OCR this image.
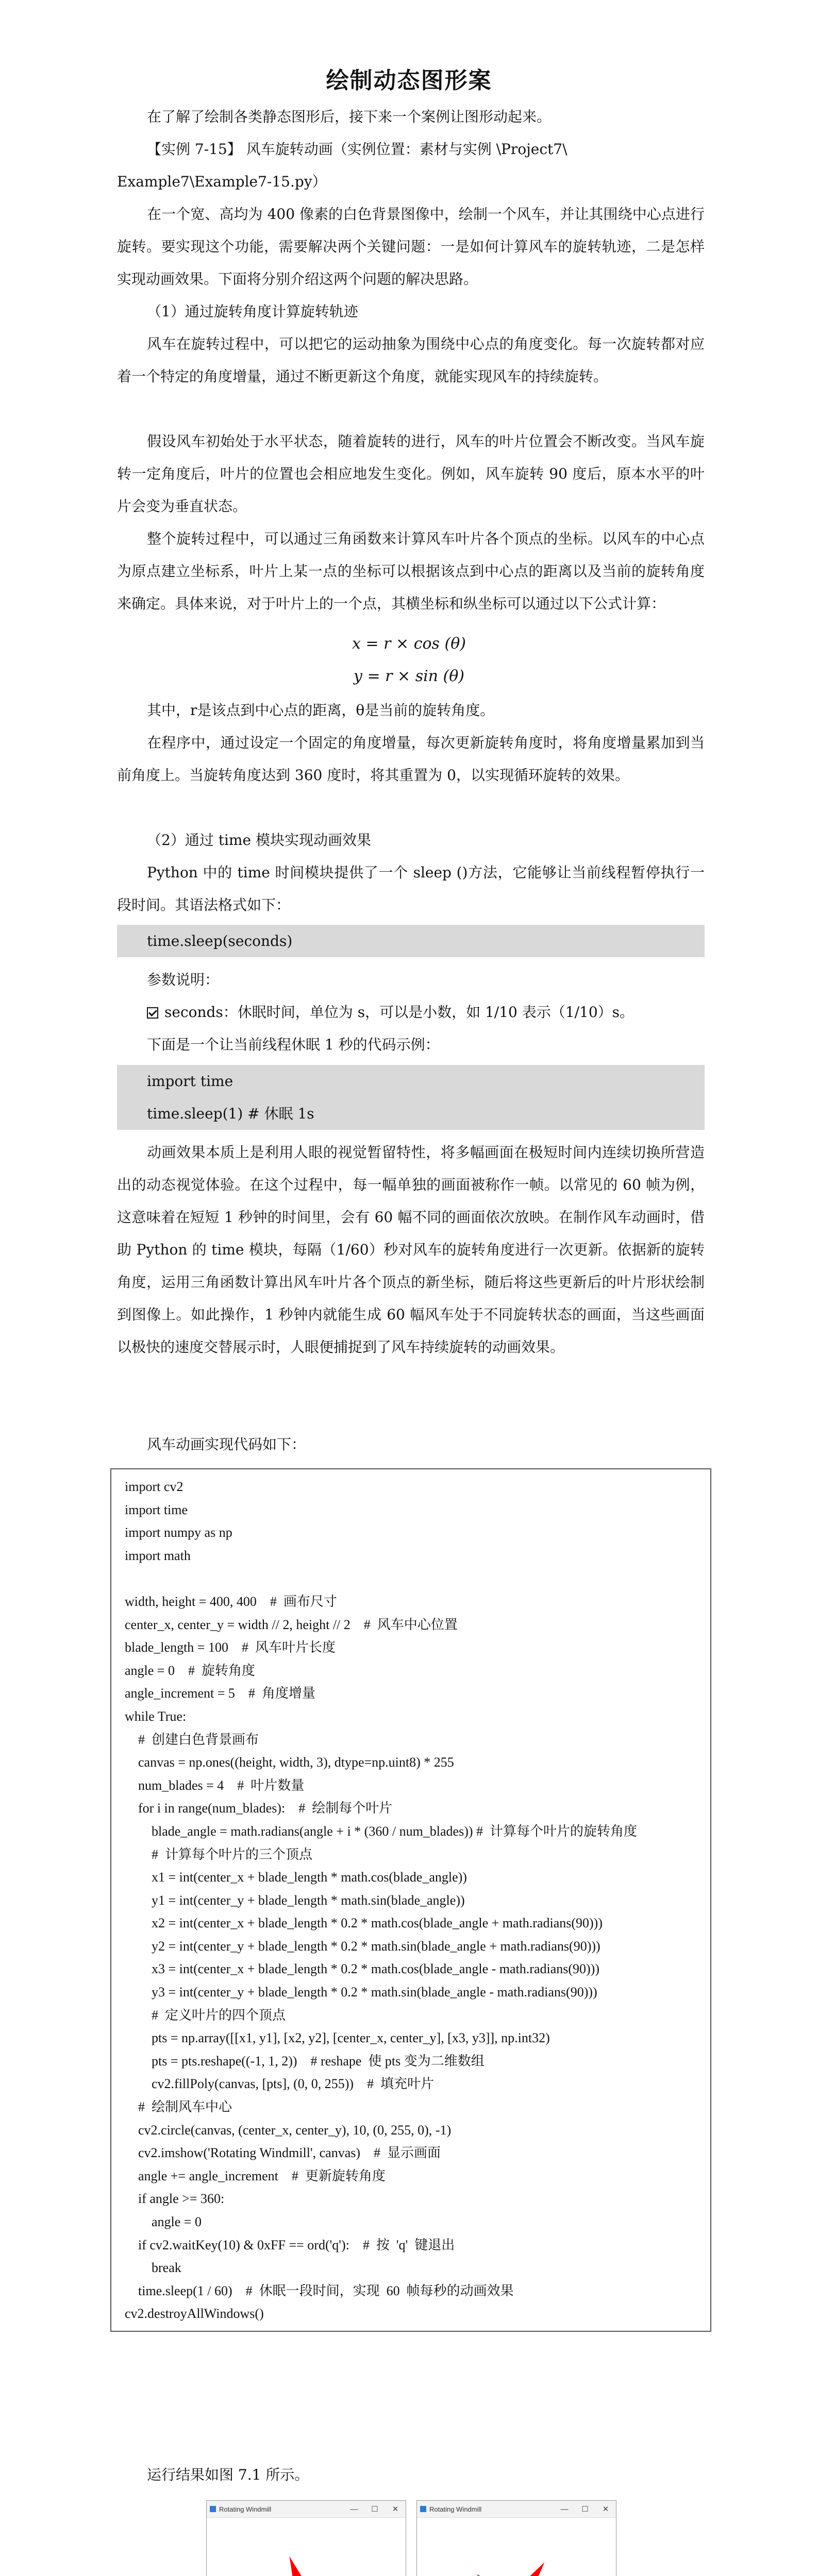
绘制动态图形案

在了解了绘制各类静态图形后，接下来一个案例让图形动起来。

【实例 7-15】 风车旋转动画（实例位置：素材与实例 \Project7\

Example7\Example7-15.py）

在一个宽、高均为 400 像素的白色背景图像中，绘制一个风车，并让其围绕中心点进行旋转。要实现这个功能，需要解决两个关键问题：一是如何计算风车的旋转轨迹，二是怎样实现动画效果。下面将分别介绍这两个问题的解决思路。

（1）通过旋转角度计算旋转轨迹

风车在旋转过程中，可以把它的运动抽象为围绕中心点的角度变化。每一次旋转都对应着一个特定的角度增量，通过不断更新这个角度，就能实现风车的持续旋转。

假设风车初始处于水平状态，随着旋转的进行，风车的叶片位置会不断改变。当风车旋转一定角度后，叶片的位置也会相应地发生变化。例如，风车旋转 90 度后，原本水平的叶片会变为垂直状态。

整个旋转过程中，可以通过三角函数来计算风车叶片各个顶点的坐标。以风车的中心点为原点建立坐标系，叶片上某一点的坐标可以根据该点到中心点的距离以及当前的旋转角度来确定。具体来说，对于叶片上的一个点，其横坐标和纵坐标可以通过以下公式计算：

x = r × cos (θ)

y = r × sin (θ)

其中，r是该点到中心点的距离，θ是当前的旋转角度。

在程序中，通过设定一个固定的角度增量，每次更新旋转角度时，将角度增量累加到当前角度上。当旋转角度达到 360 度时，将其重置为 0，以实现循环旋转的效果。

（2）通过 time 模块实现动画效果

Python 中的 time 时间模块提供了一个 sleep ()方法，它能够让当前线程暂停执行一段时间。其语法格式如下：

time.sleep(seconds)

参数说明：

seconds：休眠时间，单位为 s，可以是小数，如 1/10 表示（1/10）s。

下面是一个让当前线程休眠 1 秒的代码示例：

import time

time.sleep(1) # 休眠 1s

动画效果本质上是利用人眼的视觉暂留特性，将多幅画面在极短时间内连续切换所营造出的动态视觉体验。在这个过程中，每一幅单独的画面被称作一帧。以常见的 60 帧为例，这意味着在短短 1 秒钟的时间里，会有 60 幅不同的画面依次放映。在制作风车动画时，借助 Python 的 time 模块，每隔（1/60）秒对风车的旋转角度进行一次更新。依据新的旋转角度，运用三角函数计算出风车叶片各个顶点的新坐标，随后将这些更新后的叶片形状绘制到图像上。如此操作，1 秒钟内就能生成 60 幅风车处于不同旋转状态的画面，当这些画面以极快的速度交替展示时，人眼便捕捉到了风车持续旋转的动画效果。

风车动画实现代码如下：

import cv2

import time

import numpy as np

import math

width, height = 400, 400    #  画布尺寸

center_x, center_y = width // 2, height // 2    #  风车中心位置

blade_length = 100    #  风车叶片长度

angle = 0    #  旋转角度

angle_increment = 5    #  角度增量

while True:

#  创建白色背景画布

canvas = np.ones((height, width, 3), dtype=np.uint8) * 255

num_blades = 4    #  叶片数量

for i in range(num_blades):    #  绘制每个叶片

blade_angle = math.radians(angle + i * (360 / num_blades)) #  计算每个叶片的旋转角度

#  计算每个叶片的三个顶点

x1 = int(center_x + blade_length * math.cos(blade_angle))

y1 = int(center_y + blade_length * math.sin(blade_angle))

x2 = int(center_x + blade_length * 0.2 * math.cos(blade_angle + math.radians(90)))

y2 = int(center_y + blade_length * 0.2 * math.sin(blade_angle + math.radians(90)))

x3 = int(center_x + blade_length * 0.2 * math.cos(blade_angle - math.radians(90)))

y3 = int(center_y + blade_length * 0.2 * math.sin(blade_angle - math.radians(90)))

#  定义叶片的四个顶点

pts = np.array([[x1, y1], [x2, y2], [center_x, center_y], [x3, y3]], np.int32)

pts = pts.reshape((-1, 1, 2))    # reshape  使 pts 变为二维数组

cv2.fillPoly(canvas, [pts], (0, 0, 255))    #  填充叶片

#  绘制风车中心

cv2.circle(canvas, (center_x, center_y), 10, (0, 255, 0), -1)

cv2.imshow('Rotating Windmill', canvas)    #  显示画面

angle += angle_increment    #  更新旋转角度

if angle >= 360:

angle = 0

if cv2.waitKey(10) & 0xFF == ord('q'):    #  按  'q'  键退出

break

time.sleep(1 / 60)    #  休眠一段时间，实现  60  帧每秒的动画效果

cv2.destroyAllWindows()

运行结果如图 7.1 所示。

Rotating Windmill	—	☐	✕	Rotating Windmill	—	☐	✕
